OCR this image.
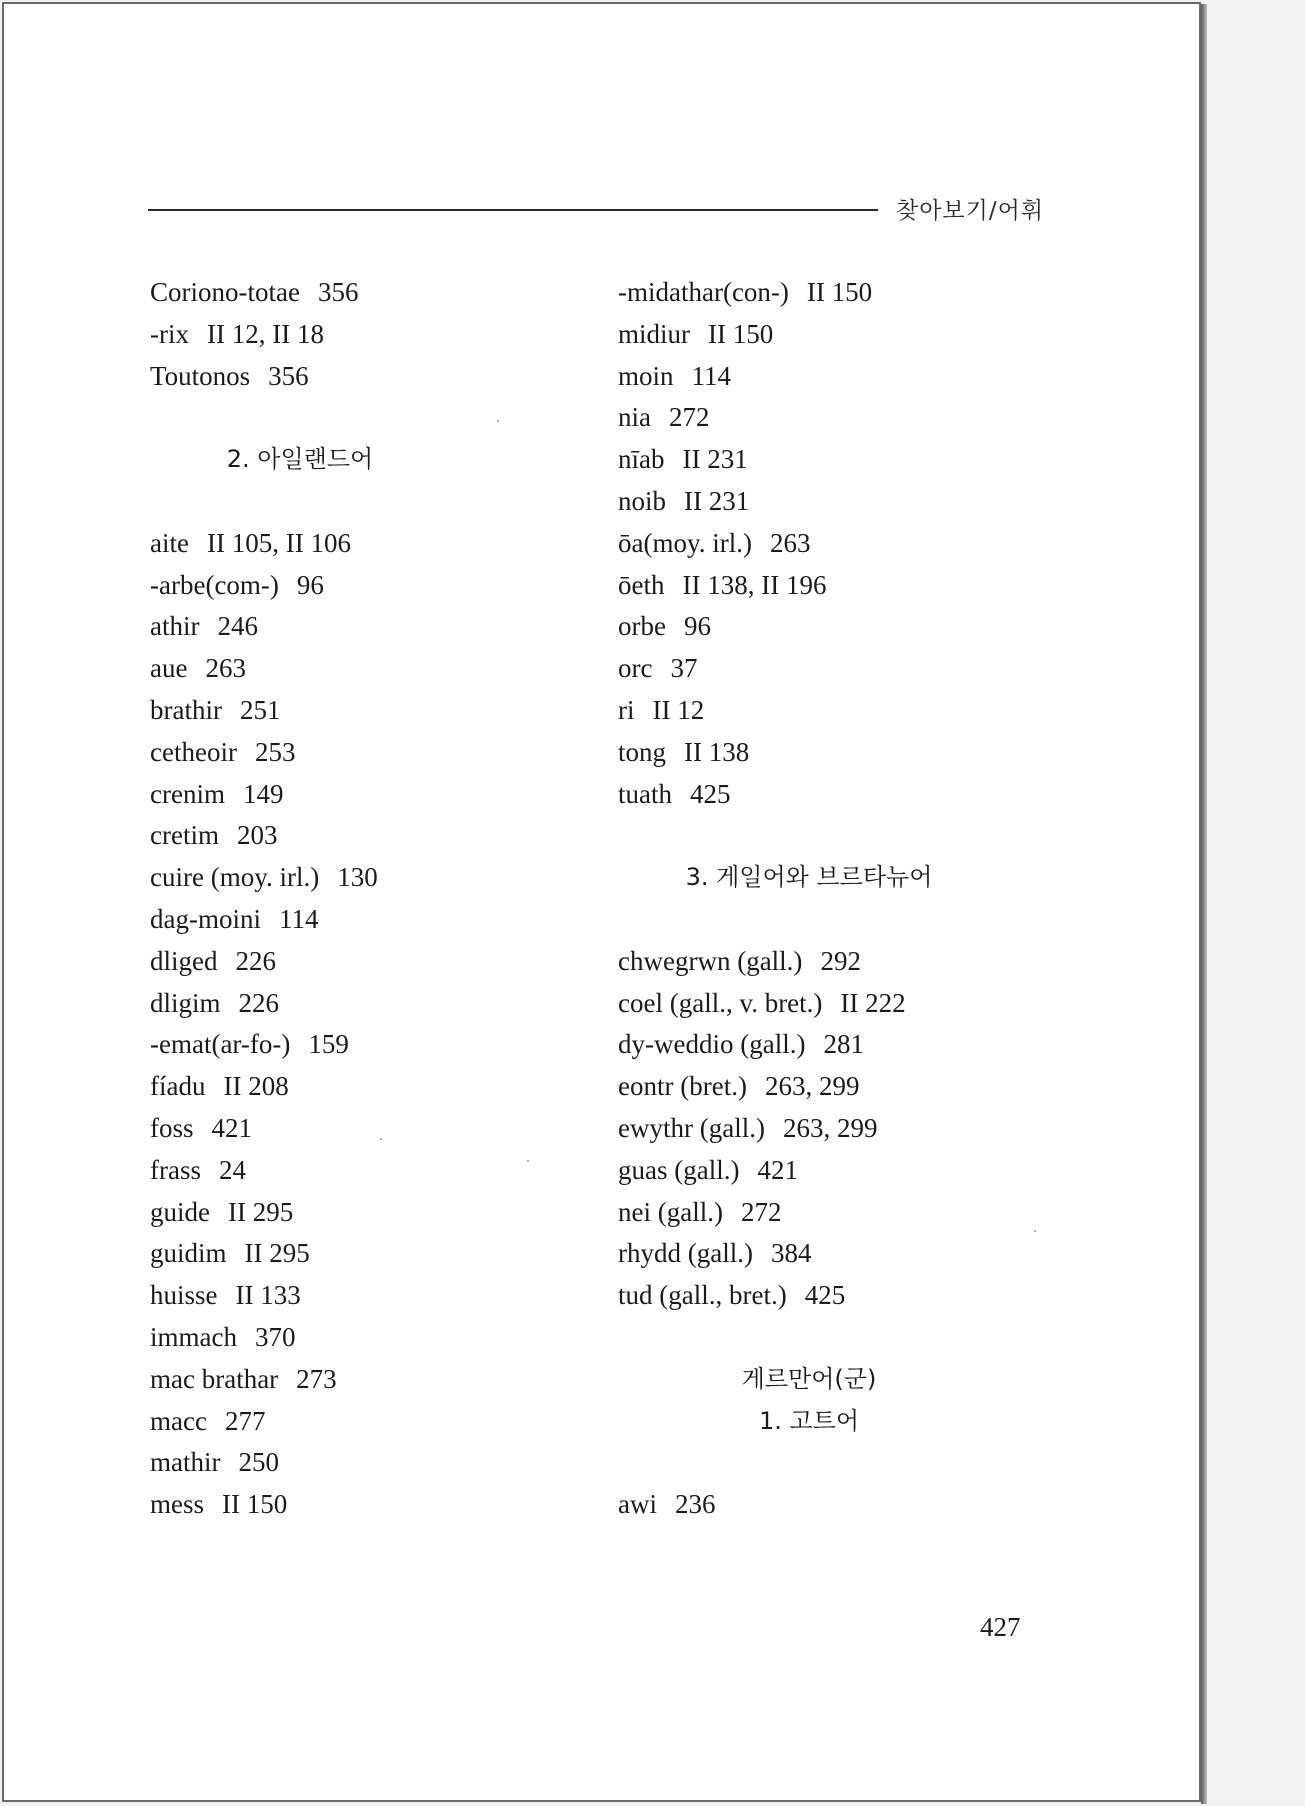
찾아보기/어휘
Coriono-totae 356
-rix II 12, II 18
Toutonos 356
2. 아일랜드어
aite II 105, II 106
-arbe(com-) 96
athir 246
aue 263
brathir 251
cetheoir 253
crenim 149
cretim 203
cuire (moy. irl.) 130
dag-moini 114
dliged 226
dligim 226
-emat(ar-fo-) 159
fíadu II 208
foss 421
frass 24
guide II 295
guidim II 295
huisse II 133
immach 370
mac brathar 273
macc 277
mathir 250
mess II 150
-midathar(con-) II 150
midiur II 150
moin 114
nia 272
nīab II 231
noib II 231
ōa(moy. irl.) 263
ōeth II 138, II 196
orbe 96
orc 37
ri II 12
tong II 138
tuath 425
3. 게일어와 브르타뉴어
chwegrwn (gall.) 292
coel (gall., v. bret.) II 222
dy-weddio (gall.) 281
eontr (bret.) 263, 299
ewythr (gall.) 263, 299
guas (gall.) 421
nei (gall.) 272
rhydd (gall.) 384
tud (gall., bret.) 425
게르만어(군)
1. 고트어
awi 236
427
